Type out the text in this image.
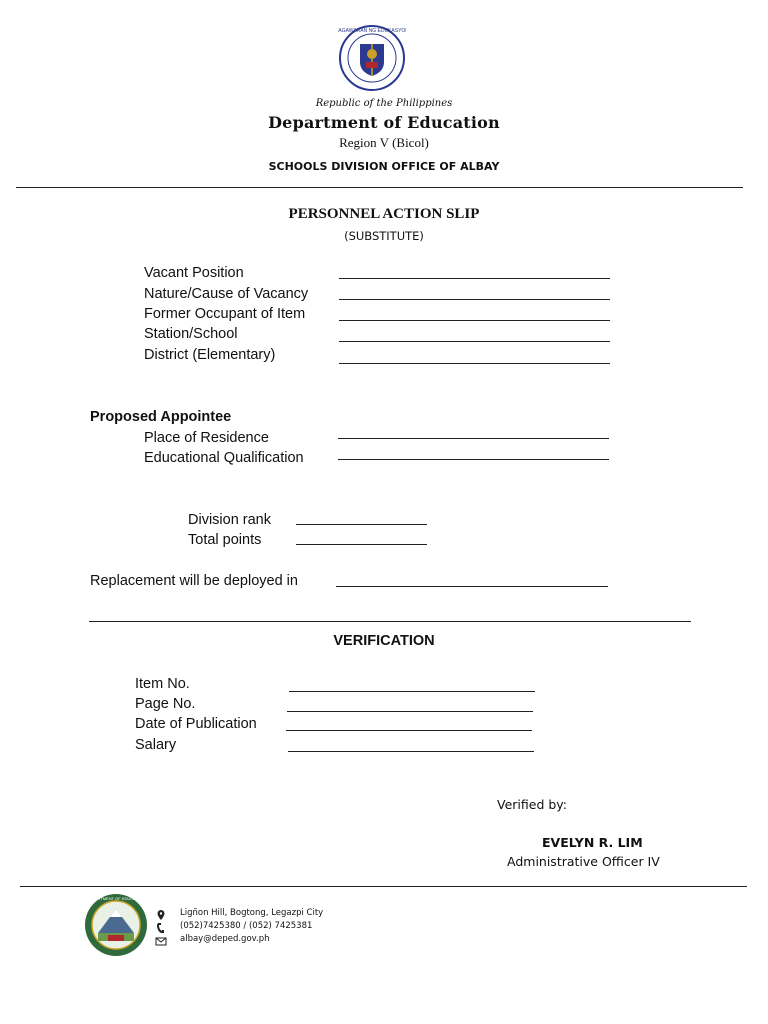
KAGAWARAN NG EDUKASYON
Republic of the Philippines
Department of Education
Region V (Bicol)
SCHOOLS DIVISION OFFICE OF ALBAY
PERSONNEL ACTION SLIP
(SUBSTITUTE)
Vacant Position
Nature/Cause of Vacancy
Former Occupant of Item
Station/School
District (Elementary)
Proposed Appointee
Place of Residence
Educational Qualification
Division rank
Total points
Replacement will be deployed in
VERIFICATION
Item No.
Page No.
Date of Publication
Salary
Verified by:
EVELYN R. LIM
Administrative Officer IV
DEPARTMENT OF EDUCATION
Ligñon Hill, Bogtong, Legazpi City
(052)7425380 / (052) 7425381
albay@deped.gov.ph
